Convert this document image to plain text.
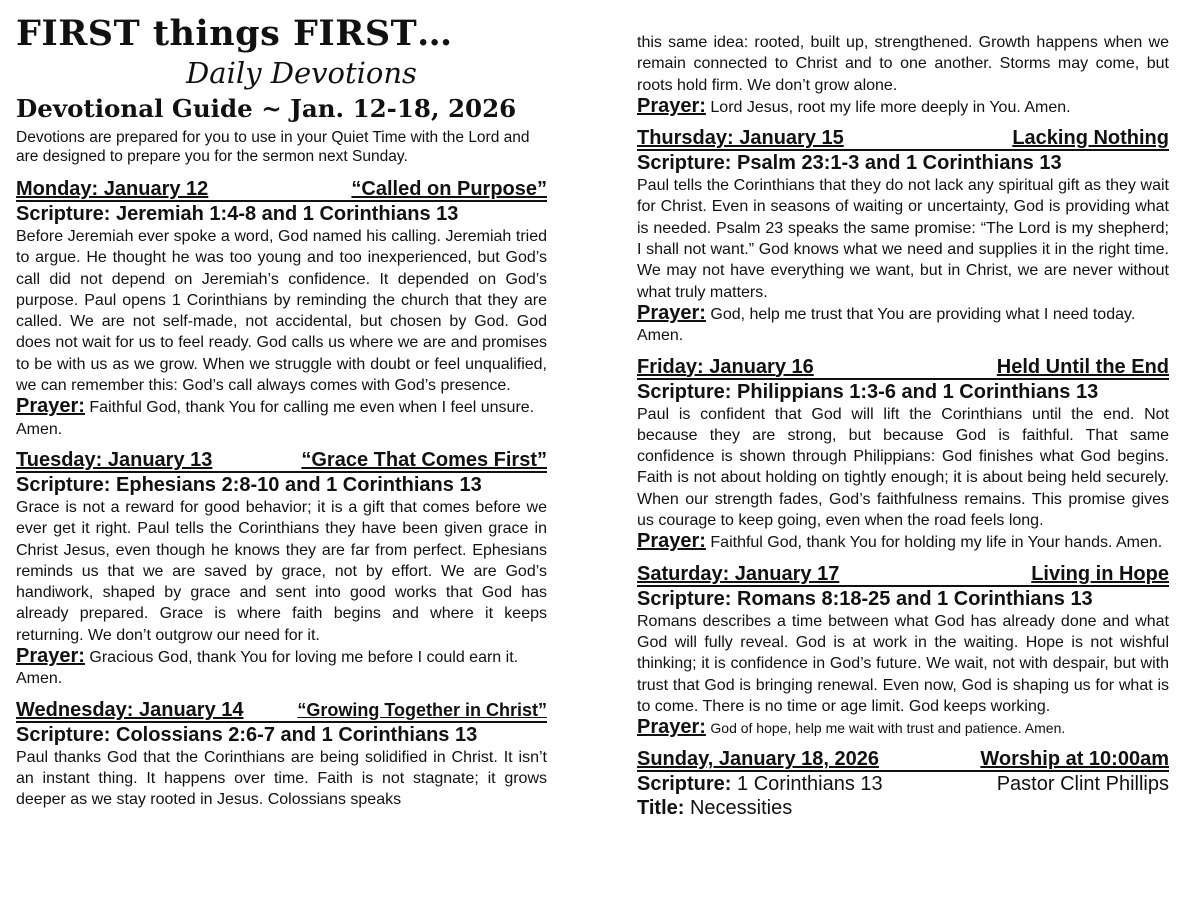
FIRST things FIRST…
Daily Devotions
Devotional Guide ~ Jan. 12-18, 2026
Devotions are prepared for you to use in your Quiet Time with the Lord and are designed to prepare you for the sermon next Sunday.
Monday: January 12	“Called on Purpose”
Scripture: Jeremiah 1:4-8 and 1 Corinthians 13
Before Jeremiah ever spoke a word, God named his calling. Jeremiah tried to argue. He thought he was too young and too inexperienced, but God’s call did not depend on Jeremiah’s confidence. It depended on God’s purpose. Paul opens 1 Corinthians by reminding the church that they are called. We are not self-made, not accidental, but chosen by God. God does not wait for us to feel ready. God calls us where we are and promises to be with us as we grow. When we struggle with doubt or feel unqualified, we can remember this: God’s call always comes with God’s presence.
Prayer: Faithful God, thank You for calling me even when I feel unsure. Amen.
Tuesday: January 13	“Grace That Comes First”
Scripture: Ephesians 2:8-10 and 1 Corinthians 13
Grace is not a reward for good behavior; it is a gift that comes before we ever get it right. Paul tells the Corinthians they have been given grace in Christ Jesus, even though he knows they are far from perfect. Ephesians reminds us that we are saved by grace, not by effort. We are God’s handiwork, shaped by grace and sent into good works that God has already prepared. Grace is where faith begins and where it keeps returning. We don’t outgrow our need for it.
Prayer: Gracious God, thank You for loving me before I could earn it. Amen.
Wednesday: January 14	“Growing Together in Christ”
Scripture: Colossians 2:6-7 and 1 Corinthians 13
Paul thanks God that the Corinthians are being solidified in Christ. It isn’t an instant thing. It happens over time. Faith is not stagnate; it grows deeper as we stay rooted in Jesus. Colossians speaks
this same idea: rooted, built up, strengthened. Growth happens when we remain connected to Christ and to one another. Storms may come, but roots hold firm. We don’t grow alone.
Prayer: Lord Jesus, root my life more deeply in You. Amen.
Thursday: January 15	Lacking Nothing
Scripture: Psalm 23:1-3 and 1 Corinthians 13
Paul tells the Corinthians that they do not lack any spiritual gift as they wait for Christ. Even in seasons of waiting or uncertainty, God is providing what is needed. Psalm 23 speaks the same promise: “The Lord is my shepherd; I shall not want.” God knows what we need and supplies it in the right time. We may not have everything we want, but in Christ, we are never without what truly matters.
Prayer: God, help me trust that You are providing what I need today. Amen.
Friday: January 16	Held Until the End
Scripture: Philippians 1:3-6 and 1 Corinthians 13
Paul is confident that God will lift the Corinthians until the end. Not because they are strong, but because God is faithful. That same confidence is shown through Philippians: God finishes what God begins. Faith is not about holding on tightly enough; it is about being held securely. When our strength fades, God’s faithfulness remains. This promise gives us courage to keep going, even when the road feels long.
Prayer: Faithful God, thank You for holding my life in Your hands. Amen.
Saturday: January 17	Living in Hope
Scripture: Romans 8:18-25 and 1 Corinthians 13
Romans describes a time between what God has already done and what God will fully reveal. God is at work in the waiting. Hope is not wishful thinking; it is confidence in God’s future. We wait, not with despair, but with trust that God is bringing renewal. Even now, God is shaping us for what is to come. There is no time or age limit. God keeps working.
Prayer: God of hope, help me wait with trust and patience. Amen.
Sunday, January 18, 2026	Worship at 10:00am
Scripture: 1 Corinthians 13	Pastor Clint Phillips
Title: Necessities
